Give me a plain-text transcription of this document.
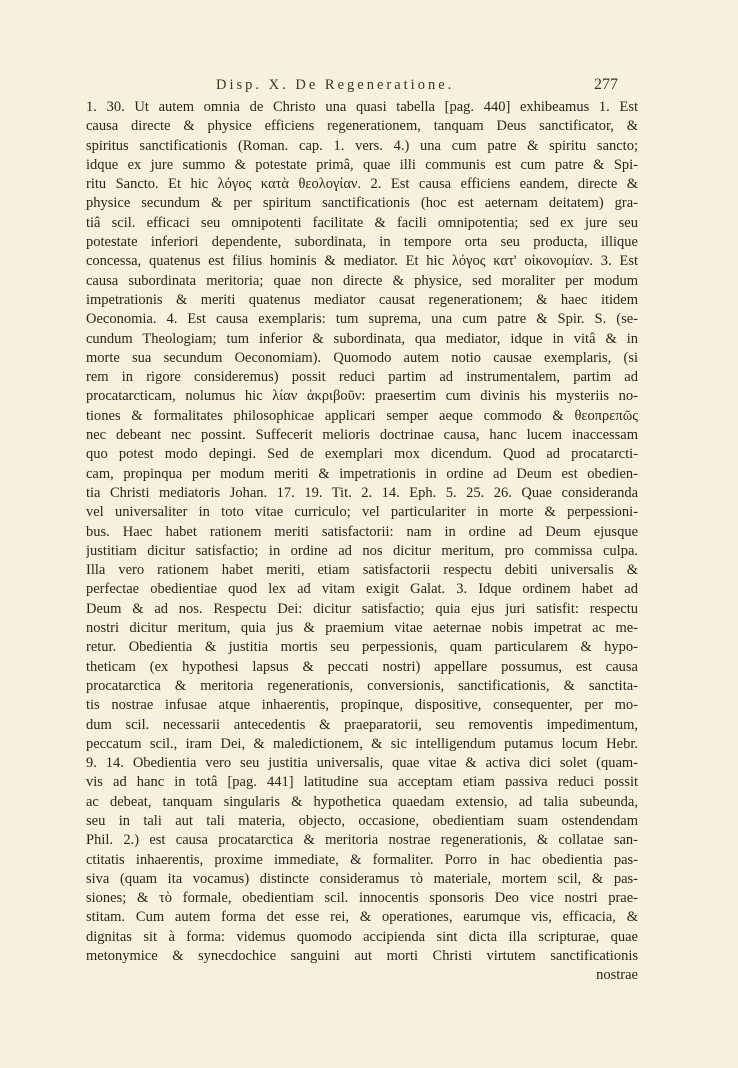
Disp. X. De Regeneratione.	277
1. 30. Ut autem omnia de Christo una quasi tabella [pag. 440] exhibeamus 1. Est
causa directe & physice efficiens regenerationem, tanquam Deus sanctificator, &
spiritus sanctificationis (Roman. cap. 1. vers. 4.) una cum patre & spiritu sancto;
idque ex jure summo & potestate primâ, quae illi communis est cum patre & Spi-
ritu Sancto. Et hic λόγος κατὰ θεολογίαν. 2. Est causa efficiens eandem, directe &
physice secundum & per spiritum sanctificationis (hoc est aeternam deitatem) gra-
tiâ scil. efficaci seu omnipotenti facilitate & facili omnipotentia; sed ex jure seu
potestate inferiori dependente, subordinata, in tempore orta seu producta, illique
concessa, quatenus est filius hominis & mediator. Et hic λόγος κατ' οἰκονομίαν. 3. Est
causa subordinata meritoria; quae non directe & physice, sed moraliter per modum
impetrationis & meriti quatenus mediator causat regenerationem; & haec itidem
Oeconomia. 4. Est causa exemplaris: tum suprema, una cum patre & Spir. S. (se-
cundum Theologiam; tum inferior & subordinata, qua mediator, idque in vitâ & in
morte sua secundum Oeconomiam). Quomodo autem notio causae exemplaris, (si
rem in rigore consideremus) possit reduci partim ad instrumentalem, partim ad
procatarcticam, nolumus hic λίαν ἀκριβοῦν: praesertim cum divinis his mysteriis no-
tiones & formalitates philosophicae applicari semper aeque commodo & θεοπρεπῶς
nec debeant nec possint. Suffecerit melioris doctrinae causa, hanc lucem inaccessam
quo potest modo depingi. Sed de exemplari mox dicendum. Quod ad procatarcti-
cam, propinqua per modum meriti & impetrationis in ordine ad Deum est obedien-
tia Christi mediatoris Johan. 17. 19. Tit. 2. 14. Eph. 5. 25. 26. Quae consideranda
vel universaliter in toto vitae curriculo; vel particulariter in morte & perpessioni-
bus. Haec habet rationem meriti satisfactorii: nam in ordine ad Deum ejusque
justitiam dicitur satisfactio; in ordine ad nos dicitur meritum, pro commissa culpa.
Illa vero rationem habet meriti, etiam satisfactorii respectu debiti universalis &
perfectae obedientiae quod lex ad vitam exigit Galat. 3. Idque ordinem habet ad
Deum & ad nos. Respectu Dei: dicitur satisfactio; quia ejus juri satisfit: respectu
nostri dicitur meritum, quia jus & praemium vitae aeternae nobis impetrat ac me-
retur. Obedientia & justitia mortis seu perpessionis, quam particularem & hypo-
theticam (ex hypothesi lapsus & peccati nostri) appellare possumus, est causa
procatarctica & meritoria regenerationis, conversionis, sanctificationis, & sanctita-
tis nostrae infusae atque inhaerentis, propinque, dispositive, consequenter, per mo-
dum scil. necessarii antecedentis & praeparatorii, seu removentis impedimentum,
peccatum scil., iram Dei, & maledictionem, & sic intelligendum putamus locum Hebr.
9. 14. Obedientia vero seu justitia universalis, quae vitae & activa dici solet (quam-
vis ad hanc in totâ [pag. 441] latitudine sua acceptam etiam passiva reduci possit
ac debeat, tanquam singularis & hypothetica quaedam extensio, ad talia subeunda,
seu in tali aut tali materia, objecto, occasione, obedientiam suam ostendendam
Phil. 2.) est causa procatarctica & meritoria nostrae regenerationis, & collatae san-
ctitatis inhaerentis, proxime immediate, & formaliter. Porro in hac obedientia pas-
siva (quam ita vocamus) distincte consideramus τὸ materiale, mortem scil, & pas-
siones; & τὸ formale, obedientiam scil. innocentis sponsoris Deo vice nostri prae-
stitam. Cum autem forma det esse rei, & operationes, earumque vis, efficacia, &
dignitas sit à forma: videmus quomodo accipienda sint dicta illa scripturae, quae
metonymice & synecdochice sanguini aut morti Christi virtutem sanctificationis
nostrae
